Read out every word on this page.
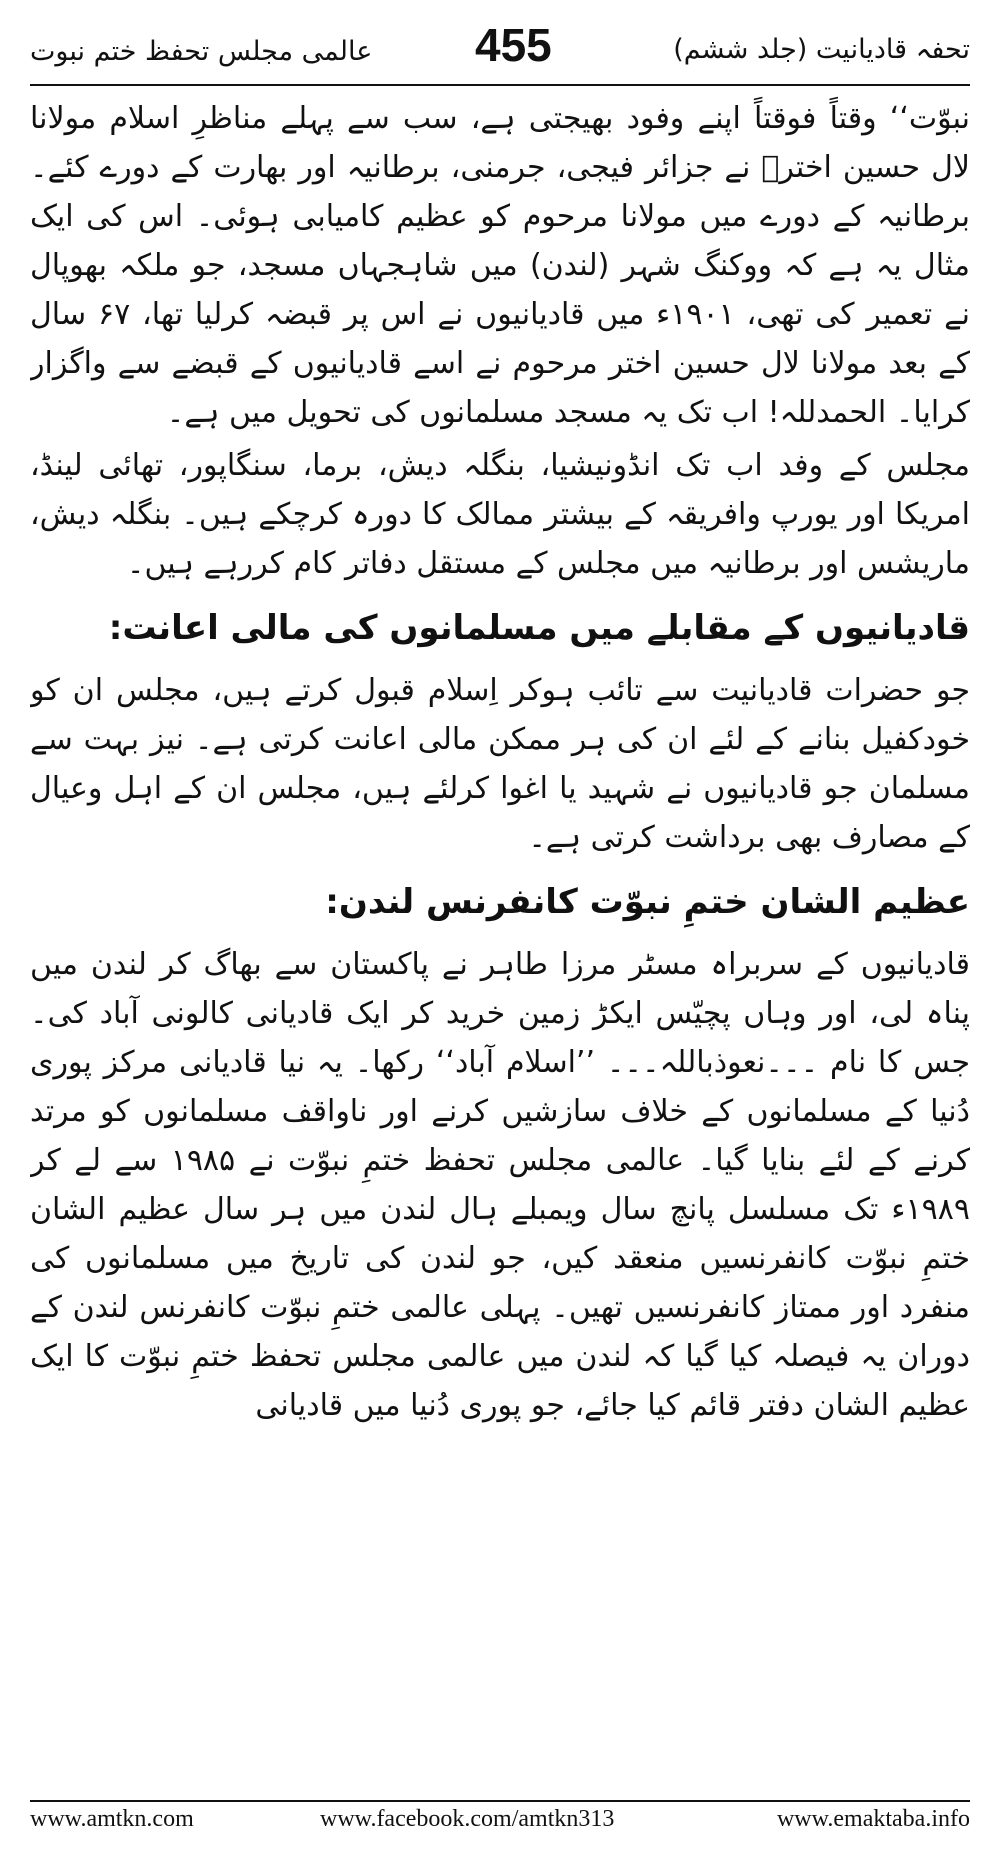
عالمی مجلس تحفظ ختم نبوت 455	تحفہ قادیانیت (جلد ششم)

نبوّت‘‘ وقتاً فوقتاً اپنے وفود بھیجتی ہے، سب سے پہلے مناظرِ اسلام مولانا لال حسین اخترؒ نے جزائر فیجی، جرمنی، برطانیہ اور بھارت کے دورے کئے۔ برطانیہ کے دورے میں مولانا مرحوم کو عظیم کامیابی ہوئی۔ اس کی ایک مثال یہ ہے کہ ووکنگ شہر (لندن) میں شاہجہاں مسجد، جو ملکہ بھوپال نے تعمیر کی تھی، ۱۹۰۱ء میں قادیانیوں نے اس پر قبضہ کرلیا تھا، ۶۷ سال کے بعد مولانا لال حسین اختر مرحوم نے اسے قادیانیوں کے قبضے سے واگزار کرایا۔ الحمدللہ! اب تک یہ مسجد مسلمانوں کی تحویل میں ہے۔

مجلس کے وفد اب تک انڈونیشیا، بنگلہ دیش، برما، سنگاپور، تھائی لینڈ، امریکا اور یورپ وافریقہ کے بیشتر ممالک کا دورہ کرچکے ہیں۔ بنگلہ دیش، ماریشس اور برطانیہ میں مجلس کے مستقل دفاتر کام کررہے ہیں۔

قادیانیوں کے مقابلے میں مسلمانوں کی مالی اعانت:

جو حضرات قادیانیت سے تائب ہوکر اِسلام قبول کرتے ہیں، مجلس ان کو خودکفیل بنانے کے لئے ان کی ہر ممکن مالی اعانت کرتی ہے۔ نیز بہت سے مسلمان جو قادیانیوں نے شہید یا اغوا کرلئے ہیں، مجلس ان کے اہل وعیال کے مصارف بھی برداشت کرتی ہے۔

عظیم الشان ختمِ نبوّت کانفرنس لندن:

قادیانیوں کے سربراہ مسٹر مرزا طاہر نے پاکستان سے بھاگ کر لندن میں پناہ لی، اور وہاں پچیّس ایکڑ زمین خرید کر ایک قادیانی کالونی آباد کی۔ جس کا نام ۔۔۔نعوذباللہ۔۔۔ ’’اسلام آباد‘‘ رکھا۔ یہ نیا قادیانی مرکز پوری دُنیا کے مسلمانوں کے خلاف سازشیں کرنے اور ناواقف مسلمانوں کو مرتد کرنے کے لئے بنایا گیا۔ عالمی مجلس تحفظ ختمِ نبوّت نے ۱۹۸۵ سے لے کر ۱۹۸۹ء تک مسلسل پانچ سال ویمبلے ہال لندن میں ہر سال عظیم الشان ختمِ نبوّت کانفرنسیں منعقد کیں، جو لندن کی تاریخ میں مسلمانوں کی منفرد اور ممتاز کانفرنسیں تھیں۔ پہلی عالمی ختمِ نبوّت کانفرنس لندن کے دوران یہ فیصلہ کیا گیا کہ لندن میں عالمی مجلس تحفظ ختمِ نبوّت کا ایک عظیم الشان دفتر قائم کیا جائے، جو پوری دُنیا میں قادیانی

www.amtkn.com	www.facebook.com/amtkn313	www.emaktaba.info
